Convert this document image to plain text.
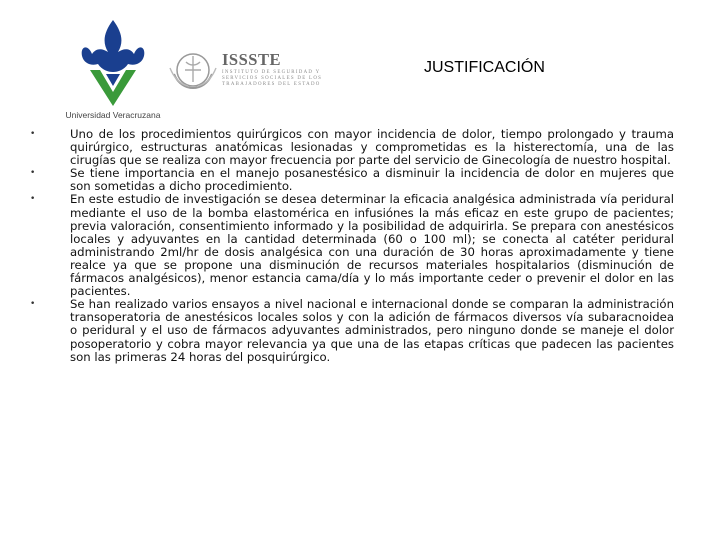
Universidad Veracruzana
ISSSTE
INSTITUTO DE SEGURIDAD Y SERVICIOS SOCIALES DE LOS TRABAJADORES DEL ESTADO
JUSTIFICACIÓN
•	Uno de los procedimientos quirúrgicos con mayor incidencia de dolor, tiempo prolongado y trauma quirúrgico, estructuras anatómicas lesionadas y comprometidas es la histerectomía, una de las cirugías que se realiza con mayor frecuencia por parte del servicio de Ginecología de nuestro hospital.
•	Se tiene importancia en el manejo posanestésico a disminuir la incidencia de dolor en mujeres que son sometidas a dicho procedimiento.
•	En este estudio de investigación se desea determinar la eficacia analgésica administrada vía peridural mediante el uso de la bomba elastomérica en infusiónes la más eficaz en este grupo de pacientes; previa valoración, consentimiento informado y la posibilidad de adquirirla. Se prepara con anestésicos locales y adyuvantes en la cantidad determinada (60 o 100 ml); se conecta al catéter peridural administrando 2ml/hr de dosis analgésica con una duración de 30 horas aproximadamente y tiene realce ya que se propone una disminución de recursos materiales hospitalarios (disminución de fármacos analgésicos), menor estancia cama/día y lo más importante ceder o prevenir el dolor en las pacientes.
•	Se han realizado varios ensayos a nivel nacional e internacional donde se comparan la administración transoperatoria de anestésicos locales solos y con la adición de fármacos diversos vía subaracnoidea o peridural y el uso de fármacos adyuvantes administrados, pero ninguno donde se maneje el dolor posoperatorio y cobra mayor relevancia ya que una de las etapas críticas que padecen las pacientes son las primeras 24 horas del posquirúrgico.
